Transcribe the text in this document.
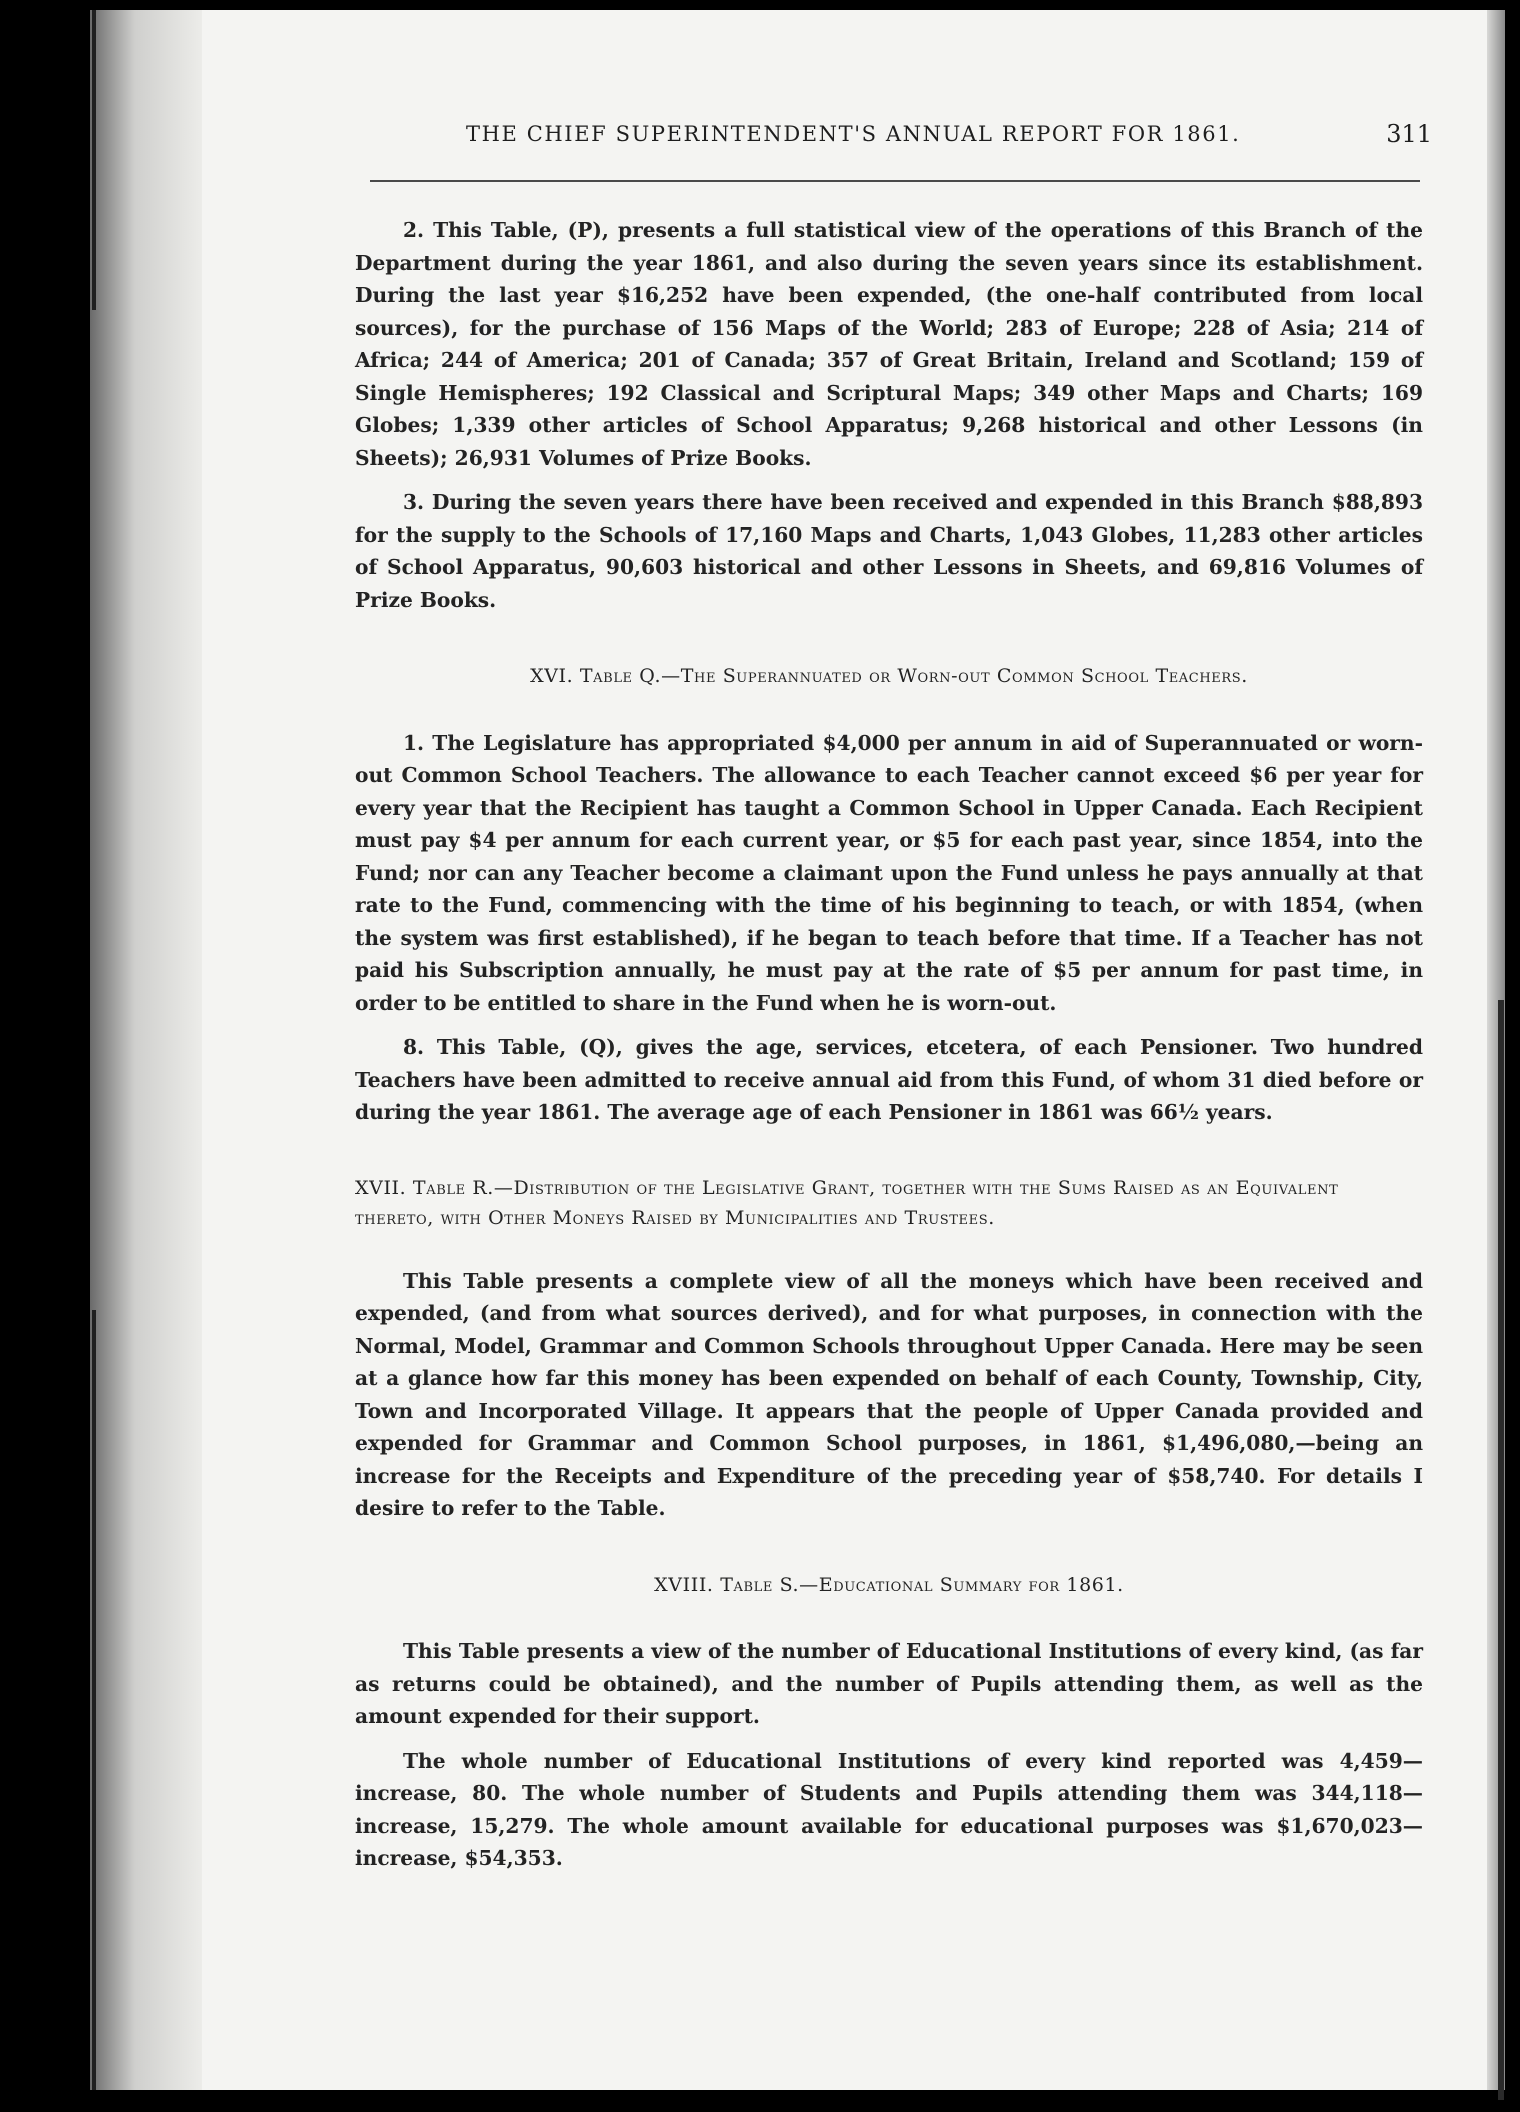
THE CHIEF SUPERINTENDENT'S ANNUAL REPORT FOR 1861.	311

2. This Table, (P), presents a full statistical view of the operations of this Branch of the Department during the year 1861, and also during the seven years since its establishment. During the last year $16,252 have been expended, (the one-half contributed from local sources), for the purchase of 156 Maps of the World; 283 of Europe; 228 of Asia; 214 of Africa; 244 of America; 201 of Canada; 357 of Great Britain, Ireland and Scotland; 159 of Single Hemispheres; 192 Classical and Scriptural Maps; 349 other Maps and Charts; 169 Globes; 1,339 other articles of School Apparatus; 9,268 historical and other Lessons (in Sheets); 26,931 Volumes of Prize Books.

3. During the seven years there have been received and expended in this Branch $88,893 for the supply to the Schools of 17,160 Maps and Charts, 1,043 Globes, 11,283 other articles of School Apparatus, 90,603 historical and other Lessons in Sheets, and 69,816 Volumes of Prize Books.

XVI. Table Q.—The Superannuated or Worn-out Common School Teachers.

1. The Legislature has appropriated $4,000 per annum in aid of Superannuated or worn-out Common School Teachers. The allowance to each Teacher cannot exceed $6 per year for every year that the Recipient has taught a Common School in Upper Canada. Each Recipient must pay $4 per annum for each current year, or $5 for each past year, since 1854, into the Fund; nor can any Teacher become a claimant upon the Fund unless he pays annually at that rate to the Fund, commencing with the time of his beginning to teach, or with 1854, (when the system was first established), if he began to teach before that time. If a Teacher has not paid his Subscription annually, he must pay at the rate of $5 per annum for past time, in order to be entitled to share in the Fund when he is worn-out.

8. This Table, (Q), gives the age, services, etcetera, of each Pensioner. Two hundred Teachers have been admitted to receive annual aid from this Fund, of whom 31 died before or during the year 1861. The average age of each Pensioner in 1861 was 66½ years.

XVII. Table R.—Distribution of the Legislative Grant, together with the Sums Raised as an Equivalent thereto, with Other Moneys Raised by Municipalities and Trustees.

This Table presents a complete view of all the moneys which have been received and expended, (and from what sources derived), and for what purposes, in connection with the Normal, Model, Grammar and Common Schools throughout Upper Canada. Here may be seen at a glance how far this money has been expended on behalf of each County, Township, City, Town and Incorporated Village. It appears that the people of Upper Canada provided and expended for Grammar and Common School purposes, in 1861, $1,496,080,—being an increase for the Receipts and Expenditure of the preceding year of $58,740. For details I desire to refer to the Table.

XVIII. Table S.—Educational Summary for 1861.

This Table presents a view of the number of Educational Institutions of every kind, (as far as returns could be obtained), and the number of Pupils attending them, as well as the amount expended for their support.

The whole number of Educational Institutions of every kind reported was 4,459—increase, 80. The whole number of Students and Pupils attending them was 344,118—increase, 15,279. The whole amount available for educational purposes was $1,670,023—increase, $54,353.
